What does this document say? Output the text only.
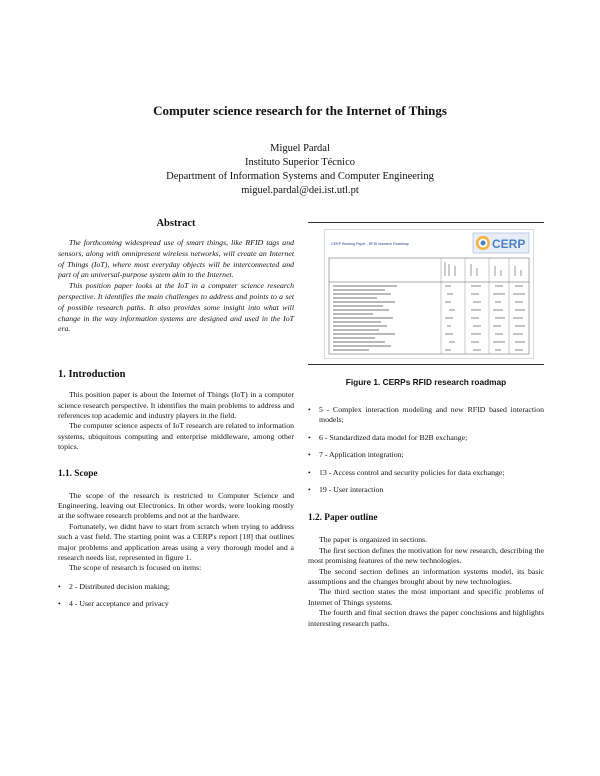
Computer science research for the Internet of Things
Miguel Pardal
Instituto Superior Técnico
Department of Information Systems and Computer Engineering
miguel.pardal@dei.ist.utl.pt
Abstract

The forthcoming widespread use of smart things, like RFID tags and sensors, along with omnipresent wireless networks, will create an Internet of Things (IoT), where most everyday objects will be interconnected and part of an universal-purpose system akin to the Internet.

This position paper looks at the IoT in a computer science research perspective. It identifies the main challenges to address and points to a set of possible research paths. It also provides some insight into what will change in the way information systems are designed and used in the IoT era.

1. Introduction

This position paper is about the Internet of Things (IoT) in a computer science research perspective. It identifies the main problems to address and references top academic and industry players in the field.

The computer science aspects of IoT research are related to information systems, ubiquitous computing and enterprise middleware, among other topics.

1.1. Scope

The scope of the research is restricted to Computer Science and Engineering, leaving out Electronics. In other words, were looking mostly at the software research problems and not at the hardware.

Fortunately, we didnt have to start from scratch when trying to address such a vast field. The starting point was a CERP's report [18] that outlines major problems and application areas using a very thorough model and a research needs list, represented in figure 1.

The scope of research is focused on items:

• 2 - Distributed decision making;
• 4 - User acceptance and privacy
CERP Working Paper - RFID research Roadmap	CERP
Figure 1. CERPs RFID research roadmap
• 5 - Complex interaction modeling and new RFID based interaction models;
• 6 - Standardized data model for B2B exchange;
• 7 - Application integration;
• 13 - Access control and security policies for data exchange;
• 19 - User interaction
1.2. Paper outline

The paper is organized in sections.

The first section defines the motivation for new research, describing the most promising features of the new technologies.

The second section defines an information systems model, its basic assumptions and the changes brought about by new technologies.

The third section states the most important and specific problems of Internet of Things systems.

The fourth and final section draws the paper conclusions and highlights interesting research paths.
